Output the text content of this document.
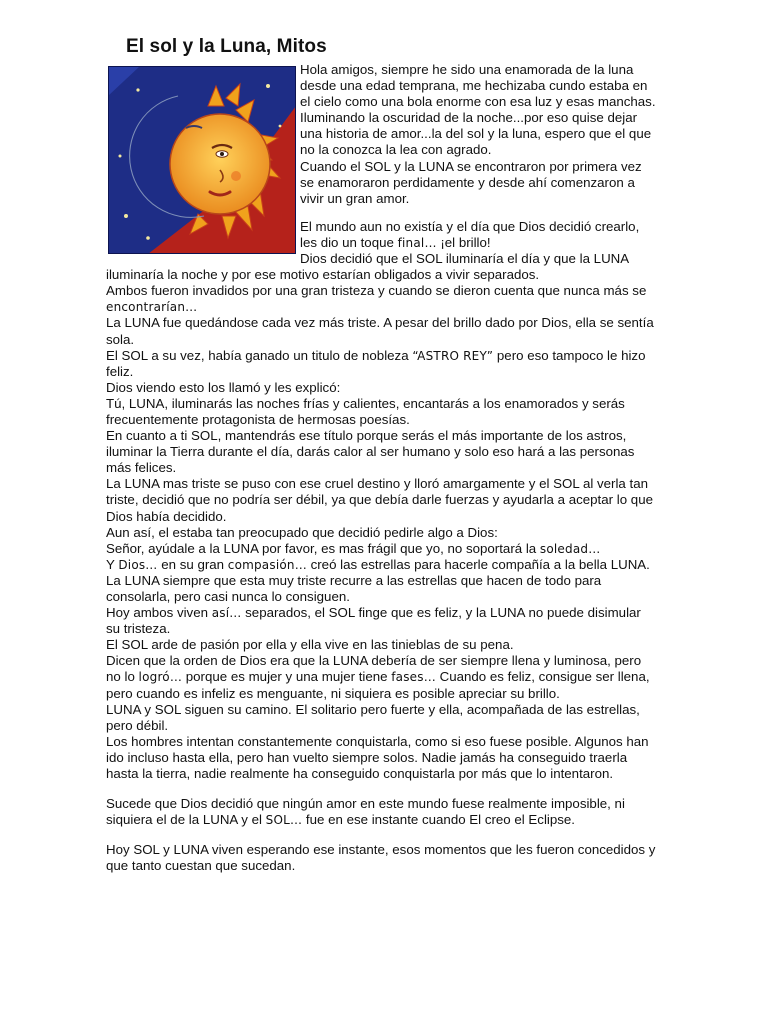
El sol y la Luna, Mitos

Hola amigos, siempre he sido una enamorada de la luna desde una edad temprana, me hechizaba cundo estaba en el cielo como una bola enorme con esa luz y esas manchas. Iluminando la oscuridad de la noche...por eso quise dejar una historia de amor...la del sol y la luna, espero que el que no la conozca la lea con agrado.

Cuando el SOL y la LUNA se encontraron por primera vez se enamoraron perdidamente y desde ahí comenzaron a vivir un gran amor.

El mundo aun no existía y el día que Dios decidió crearlo, les dio un toque final… ¡el brillo!

Dios decidió que el SOL iluminaría el día y que la LUNA iluminaría la noche y por ese motivo estarían obligados a vivir separados.

Ambos fueron invadidos por una gran tristeza y cuando se dieron cuenta que nunca más se encontrarían…

La LUNA fue quedándose cada vez más triste. A pesar del brillo dado por Dios, ella se sentía sola.

El SOL a su vez, había ganado un titulo de nobleza “ASTRO REY” pero eso tampoco le hizo feliz.

Dios viendo esto los llamó y les explicó:

Tú, LUNA, iluminarás las noches frías y calientes, encantarás a los enamorados y serás frecuentemente protagonista de hermosas poesías.

En cuanto a ti SOL, mantendrás ese título porque serás el más importante de los astros, iluminar la Tierra durante el día, darás calor al ser humano y solo eso hará a las personas más felices.

La LUNA mas triste se puso con ese cruel destino y lloró amargamente y el SOL al verla tan triste, decidió que no podría ser débil, ya que debía darle fuerzas y ayudarla a aceptar lo que Dios había decidido.

Aun así, el estaba tan preocupado que decidió pedirle algo a Dios:

Señor, ayúdale a la LUNA por favor, es mas frágil que yo, no soportará la soledad…

Y Dios… en su gran compasión… creó las estrellas para hacerle compañía a la bella LUNA.

La LUNA siempre que esta muy triste recurre a las estrellas que hacen de todo para consolarla, pero casi nunca lo consiguen.

Hoy ambos viven así… separados, el SOL finge que es feliz, y la LUNA no puede disimular su tristeza.

El SOL arde de pasión por ella y ella vive en las tinieblas de su pena.

Dicen que la orden de Dios era que la LUNA debería de ser siempre llena y luminosa, pero no lo logró… porque es mujer y una mujer tiene fases… Cuando es feliz, consigue ser llena, pero cuando es infeliz es menguante, ni siquiera es posible apreciar su brillo.

LUNA y SOL siguen su camino. El solitario pero fuerte y ella, acompañada de las estrellas, pero débil.

Los hombres intentan constantemente conquistarla, como si eso fuese posible. Algunos han ido incluso hasta ella, pero han vuelto siempre solos. Nadie jamás ha conseguido traerla hasta la tierra, nadie realmente ha conseguido conquistarla por más que lo intentaron.

Sucede que Dios decidió que ningún amor en este mundo fuese realmente imposible, ni siquiera el de la LUNA y el SOL… fue en ese instante cuando El creo el Eclipse.

Hoy SOL y LUNA viven esperando ese instante, esos momentos que les fueron concedidos y que tanto cuestan que sucedan.
